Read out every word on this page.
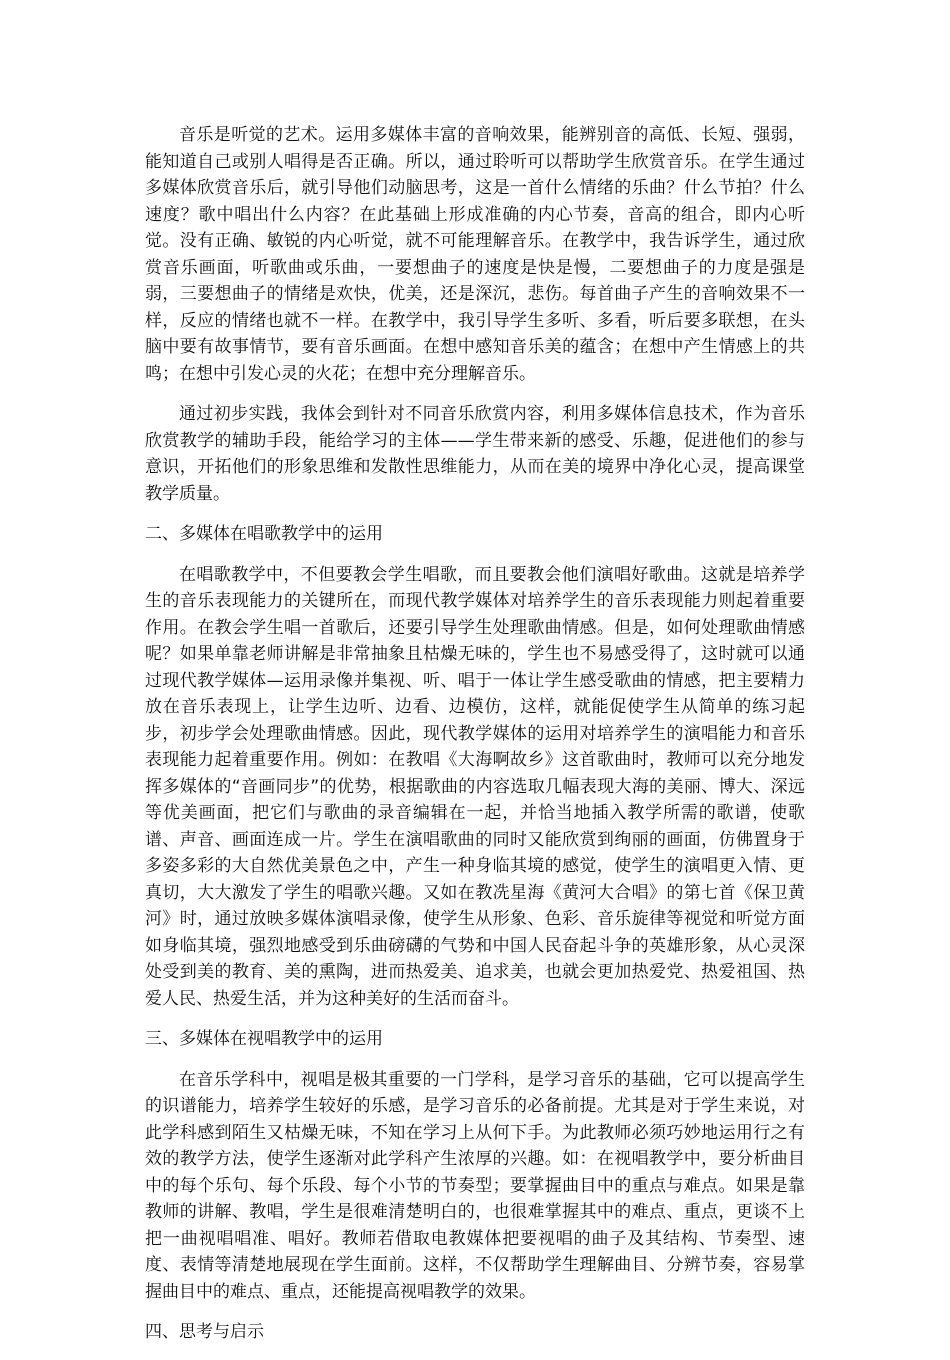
音乐是听觉的艺术。运用多媒体丰富的音响效果，能辨别音的高低、长短、强弱，能知道自己或别人唱得是否正确。所以，通过聆听可以帮助学生欣赏音乐。在学生通过多媒体欣赏音乐后，就引导他们动脑思考，这是一首什么情绪的乐曲？什么节拍？什么速度？歌中唱出什么内容？在此基础上形成准确的内心节奏，音高的组合，即内心听觉。没有正确、敏锐的内心听觉，就不可能理解音乐。在教学中，我告诉学生，通过欣赏音乐画面，听歌曲或乐曲，一要想曲子的速度是快是慢，二要想曲子的力度是强是弱，三要想曲子的情绪是欢快，优美，还是深沉，悲伤。每首曲子产生的音响效果不一样，反应的情绪也就不一样。在教学中，我引导学生多听、多看，听后要多联想，在头脑中要有故事情节，要有音乐画面。在想中感知音乐美的蕴含；在想中产生情感上的共鸣；在想中引发心灵的火花；在想中充分理解音乐。

通过初步实践，我体会到针对不同音乐欣赏内容，利用多媒体信息技术，作为音乐欣赏教学的辅助手段，能给学习的主体——学生带来新的感受、乐趣，促进他们的参与意识，开拓他们的形象思维和发散性思维能力，从而在美的境界中净化心灵，提高课堂教学质量。

二、多媒体在唱歌教学中的运用

在唱歌教学中，不但要教会学生唱歌，而且要教会他们演唱好歌曲。这就是培养学生的音乐表现能力的关键所在，而现代教学媒体对培养学生的音乐表现能力则起着重要作用。在教会学生唱一首歌后，还要引导学生处理歌曲情感。但是，如何处理歌曲情感呢？如果单靠老师讲解是非常抽象且枯燥无味的，学生也不易感受得了，这时就可以通过现代教学媒体—运用录像并集视、听、唱于一体让学生感受歌曲的情感，把主要精力放在音乐表现上，让学生边听、边看、边模仿，这样，就能促使学生从简单的练习起步，初步学会处理歌曲情感。因此，现代教学媒体的运用对培养学生的演唱能力和音乐表现能力起着重要作用。例如：在教唱《大海啊故乡》这首歌曲时，教师可以充分地发挥多媒体的“音画同步”的优势，根据歌曲的内容选取几幅表现大海的美丽、博大、深远等优美画面，把它们与歌曲的录音编辑在一起，并恰当地插入教学所需的歌谱，使歌谱、声音、画面连成一片。学生在演唱歌曲的同时又能欣赏到绚丽的画面，仿佛置身于多姿多彩的大自然优美景色之中，产生一种身临其境的感觉，使学生的演唱更入情、更真切，大大激发了学生的唱歌兴趣。又如在教冼星海《黄河大合唱》的第七首《保卫黄河》时，通过放映多媒体演唱录像，使学生从形象、色彩、音乐旋律等视觉和听觉方面如身临其境，强烈地感受到乐曲磅礴的气势和中国人民奋起斗争的英雄形象，从心灵深处受到美的教育、美的熏陶，进而热爱美、追求美，也就会更加热爱党、热爱祖国、热爱人民、热爱生活，并为这种美好的生活而奋斗。

三、多媒体在视唱教学中的运用

在音乐学科中，视唱是极其重要的一门学科，是学习音乐的基础，它可以提高学生的识谱能力，培养学生较好的乐感，是学习音乐的必备前提。尤其是对于学生来说，对此学科感到陌生又枯燥无味，不知在学习上从何下手。为此教师必须巧妙地运用行之有效的教学方法，使学生逐渐对此学科产生浓厚的兴趣。如：在视唱教学中，要分析曲目中的每个乐句、每个乐段、每个小节的节奏型；要掌握曲目中的重点与难点。如果是靠教师的讲解、教唱，学生是很难清楚明白的，也很难掌握其中的难点、重点，更谈不上把一曲视唱唱准、唱好。教师若借取电教媒体把要视唱的曲子及其结构、节奏型、速度、表情等清楚地展现在学生面前。这样，不仅帮助学生理解曲目、分辨节奏，容易掌握曲目中的难点、重点，还能提高视唱教学的效果。

四、思考与启示
